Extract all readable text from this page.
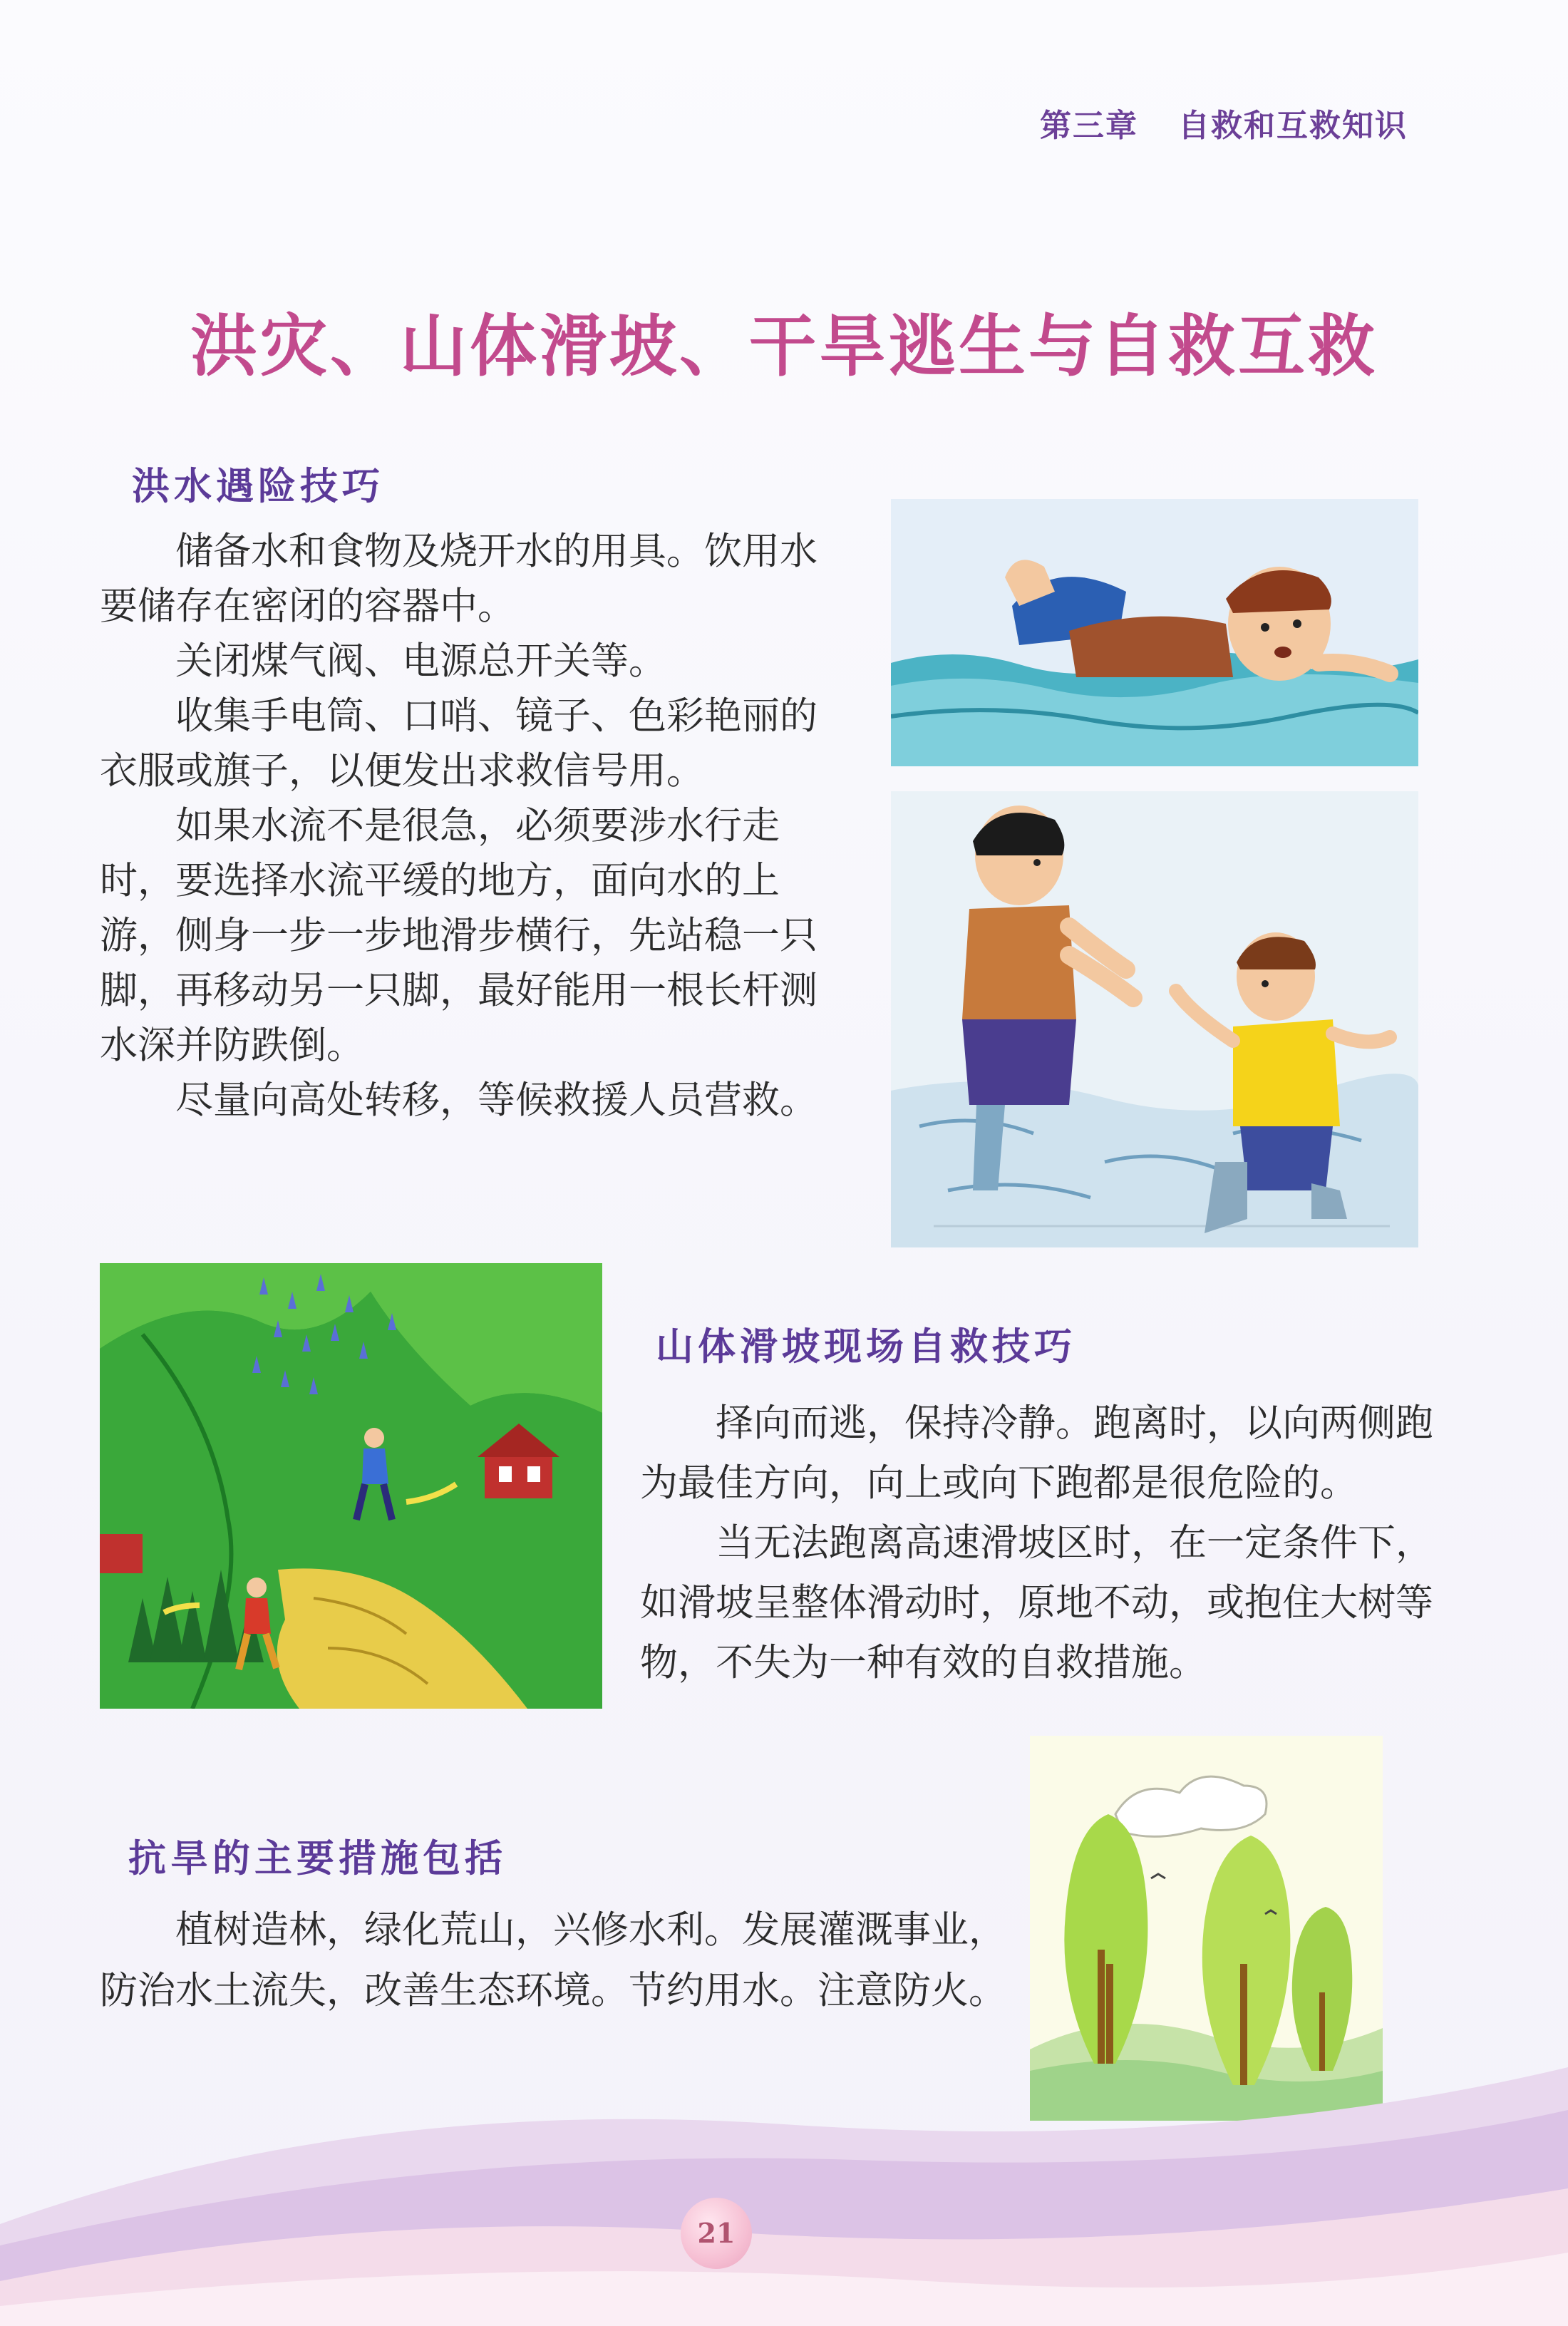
第三章 自救和互救知识
洪灾、山体滑坡、干旱逃生与自救互救
洪水遇险技巧

储备水和食物及烧开水的用具。饮用水要储存在密闭的容器中。

关闭煤气阀、电源总开关等。

收集手电筒、口哨、镜子、色彩艳丽的衣服或旗子，以便发出求救信号用。

如果水流不是很急，必须要涉水行走时，要选择水流平缓的地方，面向水的上游，侧身一步一步地滑步横行，先站稳一只脚，再移动另一只脚，最好能用一根长杆测水深并防跌倒。

尽量向高处转移，等候救援人员营救。

山体滑坡现场自救技巧

择向而逃，保持冷静。跑离时，以向两侧跑为最佳方向，向上或向下跑都是很危险的。

当无法跑离高速滑坡区时，在一定条件下，如滑坡呈整体滑动时，原地不动，或抱住大树等物，不失为一种有效的自救措施。

抗旱的主要措施包括

植树造林，绿化荒山，兴修水利。发展灌溉事业，防治水土流失，改善生态环境。节约用水。注意防火。

21
